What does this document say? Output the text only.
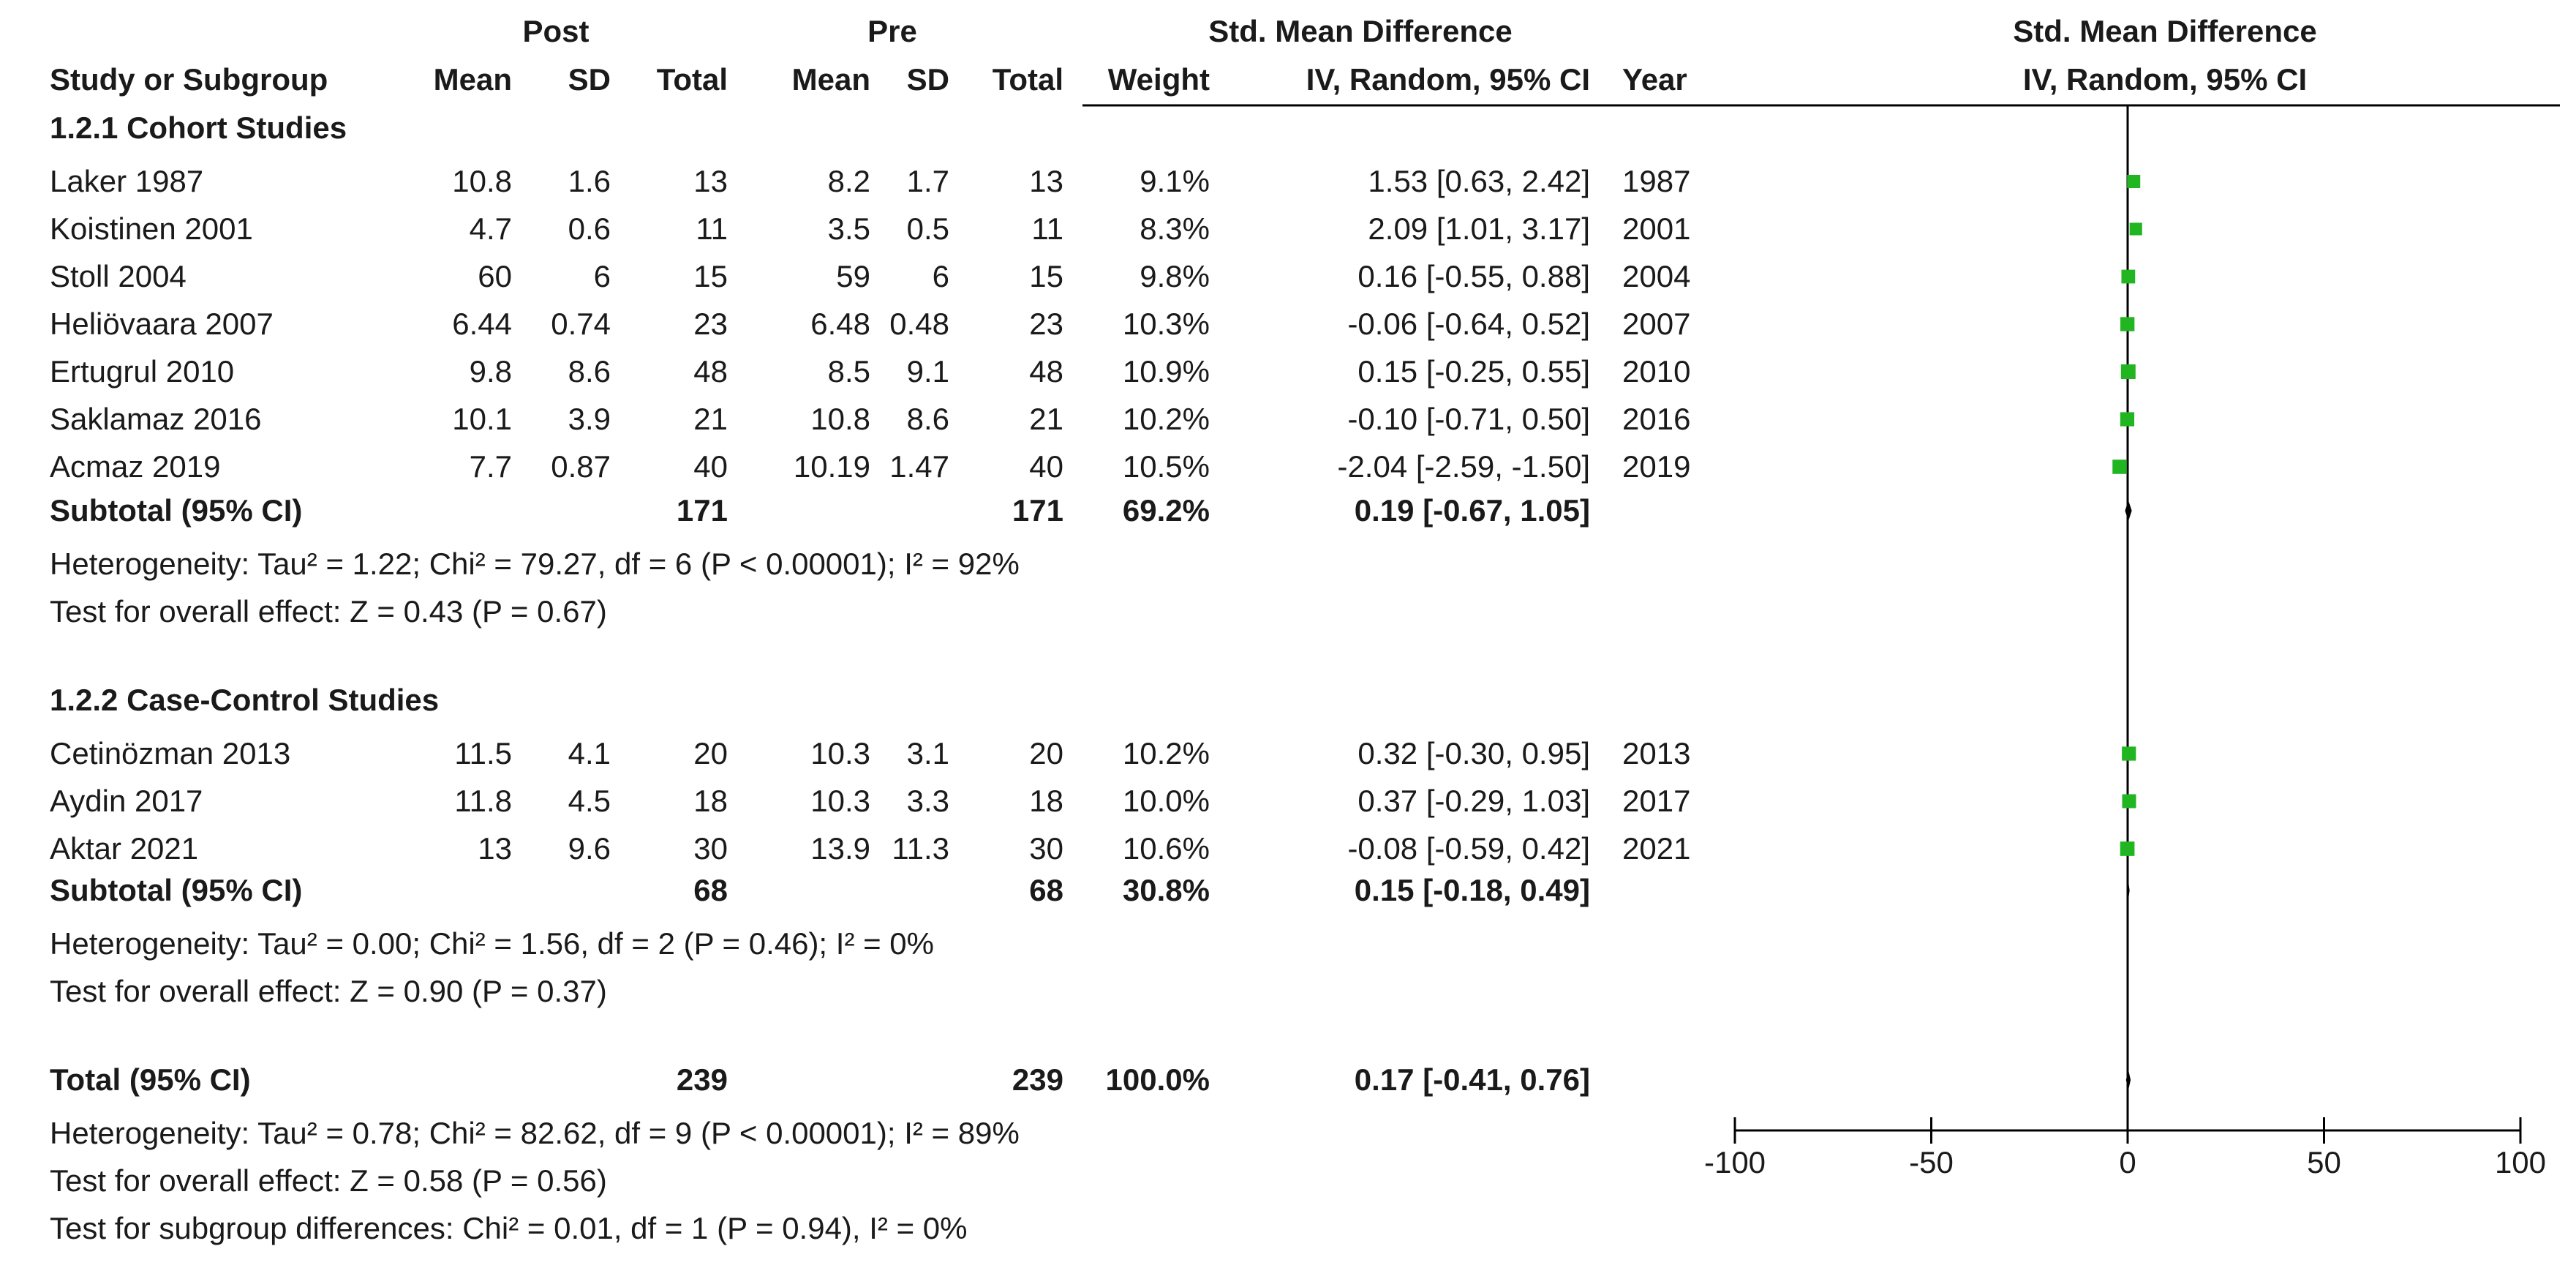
Post	Pre	Std. Mean Difference	Std. Mean Difference
Study or Subgroup	Mean	SD	Total	Mean	SD	Total	Weight	IV, Random, 95% CI Year	IV, Random, 95% CI
1.2.1 Cohort Studies
Laker 1987	10.8	1.6	13	8.2	1.7	13	9.1%	1.53 [0.63, 2.42] 1987
Koistinen 2001	4.7	0.6	11	3.5	0.5	11	8.3%	2.09 [1.01, 3.17] 2001
Stoll 2004	60	6	15	59	6	15	9.8%	0.16 [-0.55, 0.88] 2004
Heliövaara 2007	6.44	0.74	23	6.48 0.48	23	10.3%	-0.06 [-0.64, 0.52] 2007
Ertugrul 2010	9.8	8.6	48	8.5	9.1	48	10.9%	0.15 [-0.25, 0.55] 2010
Saklamaz 2016	10.1	3.9	21	10.8	8.6	21	10.2%	-0.10 [-0.71, 0.50] 2016
Acmaz 2019	7.7	0.87	40	10.19 1.47	40	10.5%	-2.04 [-2.59, -1.50] 2019
Subtotal (95% CI)	171	171	69.2%	0.19 [-0.67, 1.05]
Heterogeneity: Tau² = 1.22; Chi² = 79.27, df = 6 (P < 0.00001); I² = 92%
Test for overall effect: Z = 0.43 (P = 0.67)
1.2.2 Case-Control Studies
Cetinözman 2013	11.5	4.1	20	10.3	3.1	20	10.2%	0.32 [-0.30, 0.95] 2013
Aydin 2017	11.8	4.5	18	10.3	3.3	18	10.0%	0.37 [-0.29, 1.03] 2017
Aktar 2021	13	9.6	30	13.9 11.3	30	10.6%	-0.08 [-0.59, 0.42] 2021
Subtotal (95% CI)	68	68	30.8%	0.15 [-0.18, 0.49]
Heterogeneity: Tau² = 0.00; Chi² = 1.56, df = 2 (P = 0.46); I² = 0%
Test for overall effect: Z = 0.90 (P = 0.37)
Total (95% CI)	239	239	100.0%	0.17 [-0.41, 0.76]
Heterogeneity: Tau² = 0.78; Chi² = 82.62, df = 9 (P < 0.00001); I² = 89%
Test for overall effect: Z = 0.58 (P = 0.56)
Test for subgroup differences: Chi² = 0.01, df = 1 (P = 0.94), I² = 0%
-100	-50	0	50	100
